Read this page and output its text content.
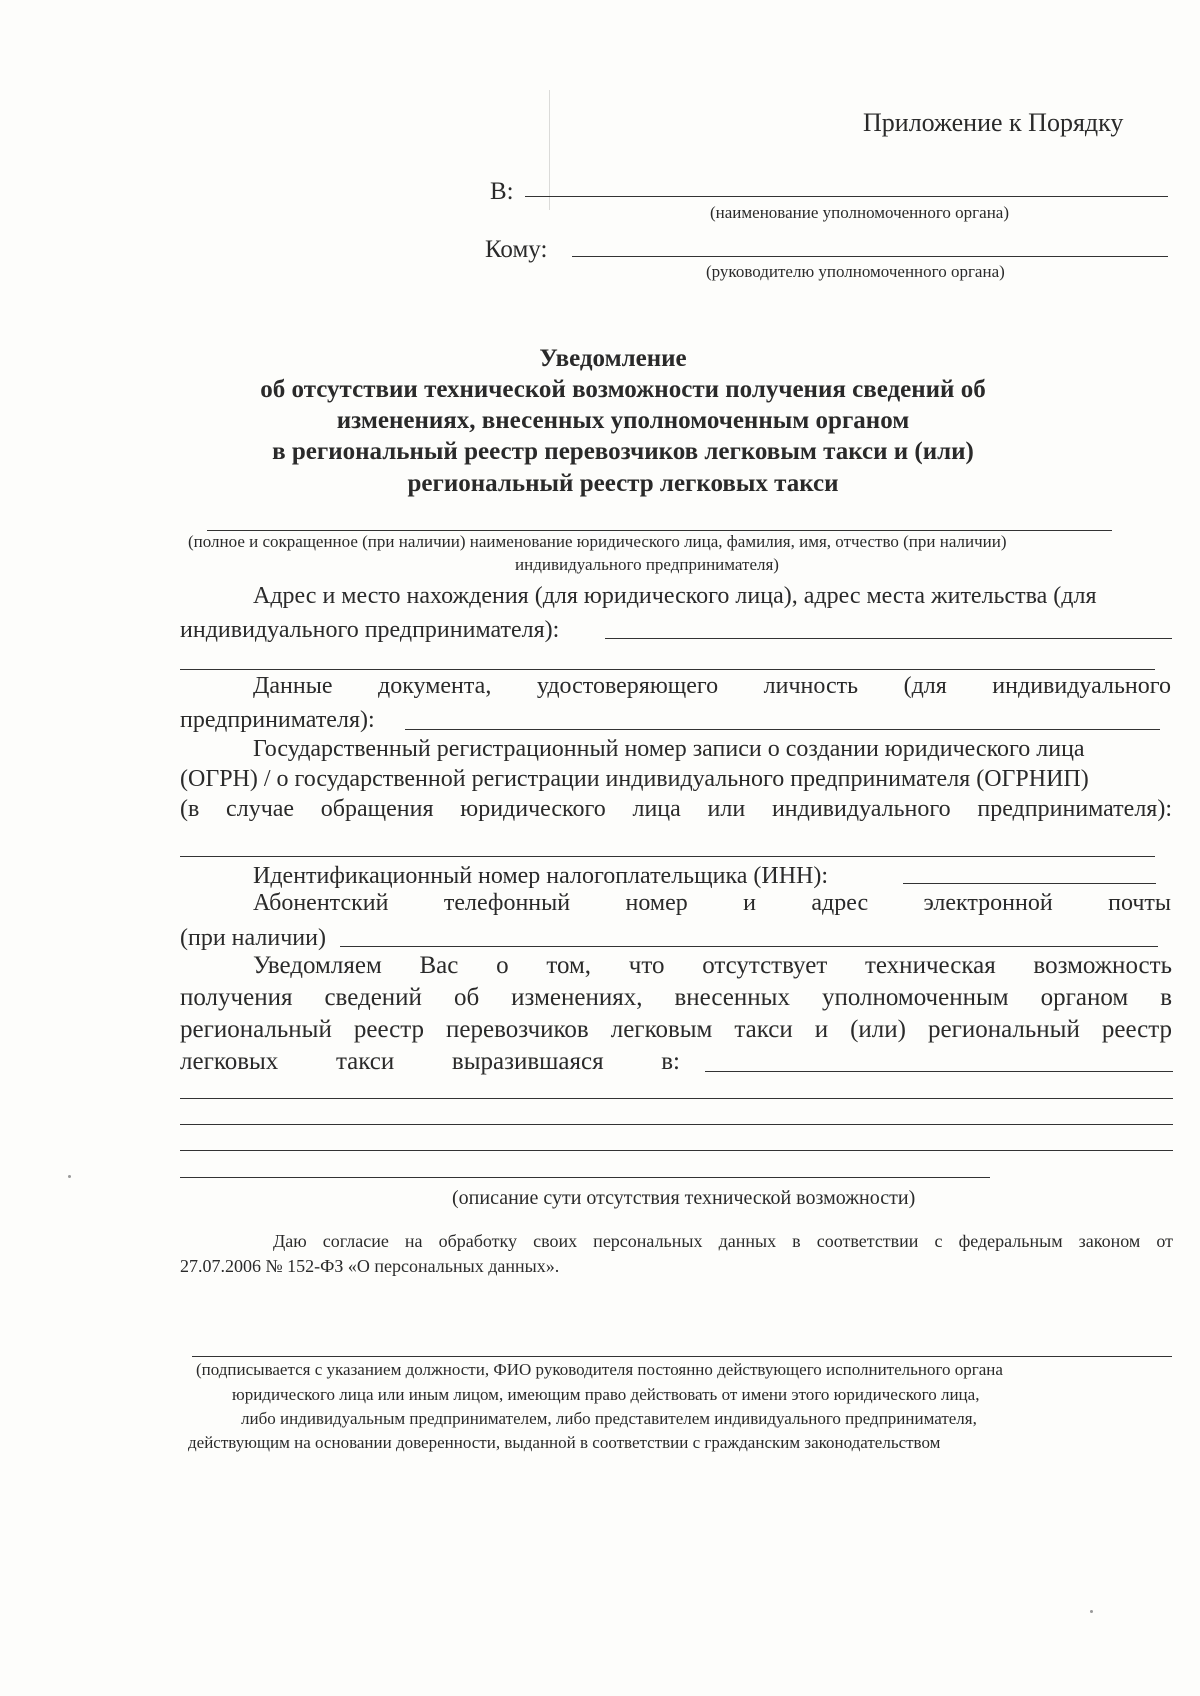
Приложение к Порядку
В:
(наименование уполномоченного органа)
Кому:
(руководителю уполномоченного органа)
Уведомление
об отсутствии технической возможности получения сведений об
изменениях, внесенных уполномоченным органом
в региональный реестр перевозчиков легковым такси и (или)
региональный реестр легковых такси
(полное и сокращенное (при наличии) наименование юридического лица, фамилия, имя, отчество (при наличии)
индивидуального предпринимателя)
Адрес и место нахождения (для юридического лица), адрес места жительства (для
индивидуального предпринимателя):
Данные документа, удостоверяющего личность (для индивидуального
предпринимателя):
Государственный регистрационный номер записи о создании юридического лица
(ОГРН) / о государственной регистрации индивидуального предпринимателя (ОГРНИП)
(в случае обращения юридического лица или индивидуального предпринимателя):
Идентификационный номер налогоплательщика (ИНН):
Абонентский телефонный номер и адрес электронной почты
(при наличии)
Уведомляем Вас о том, что отсутствует техническая возможность
получения сведений об изменениях, внесенных уполномоченным органом в
региональный реестр перевозчиков легковым такси и (или) региональный реестр
легковых такси выразившаяся в:
(описание сути отсутствия технической возможности)
Даю согласие на обработку своих персональных данных в соответствии с федеральным законом от
27.07.2006 № 152-ФЗ «О персональных данных».
(подписывается с указанием должности, ФИО руководителя постоянно действующего исполнительного органа
юридического лица или иным лицом, имеющим право действовать от имени этого юридического лица,
либо индивидуальным предпринимателем, либо представителем индивидуального предпринимателя,
действующим на основании доверенности, выданной в соответствии с гражданским законодательством
